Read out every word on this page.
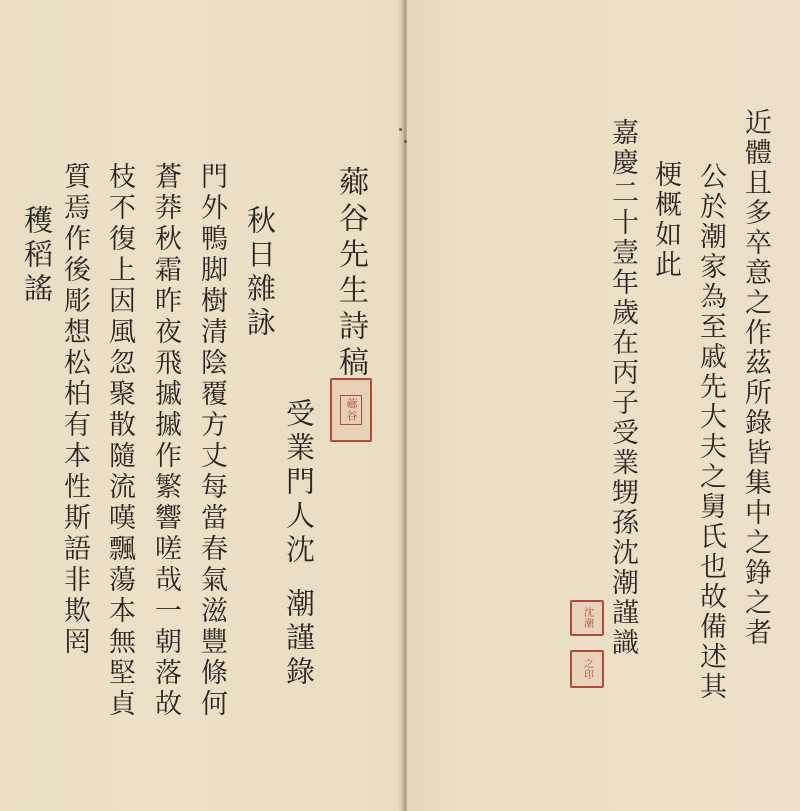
薌谷先生詩稿
薌谷
受業門人沈
潮謹錄
秋日雜詠
門外鴨脚樹清陰覆方丈每當春氣滋豐條何
蒼莽秋霜昨夜飛摵摵作繁響嗟哉一朝落故
枝不復上因風忽聚散隨流嘆飄蕩本無堅貞
質焉作後彫想松柏有本性斯語非欺罔
穫稻謠	近體且多卒意之作茲所錄皆集中之錚之者
公於潮家為至戚先大夫之舅氏也故備述其
梗概如此
嘉慶二十壹年歲在丙子受業甥孫沈潮謹識
沈潮
之印
